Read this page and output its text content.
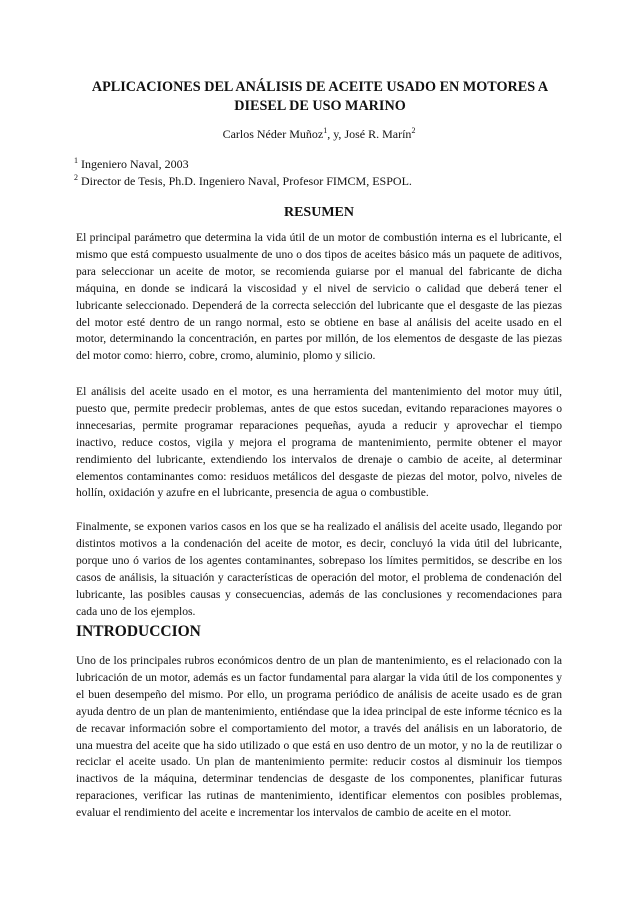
APLICACIONES DEL ANÁLISIS DE ACEITE USADO EN MOTORES A DIESEL DE USO MARINO
Carlos Néder Muñoz$^1$, y, José R. Marín$^2$
$^1$ Ingeniero Naval, 2003
$^2$ Director de Tesis, Ph.D. Ingeniero Naval, Profesor FIMCM, ESPOL.
RESUMEN

El principal parámetro que determina la vida útil de un motor de combustión interna es el lubricante, el mismo que está compuesto usualmente de uno o dos tipos de aceites básico más un paquete de aditivos, para seleccionar un aceite de motor, se recomienda guiarse por el manual del fabricante de dicha máquina, en donde se indicará la viscosidad y el nivel de servicio o calidad que deberá tener el lubricante seleccionado. Dependerá de la correcta selección del lubricante que el desgaste de las piezas del motor esté dentro de un rango normal, esto se obtiene en base al análisis del aceite usado en el motor, determinando la concentración, en partes por millón, de los elementos de desgaste de las piezas del motor como: hierro, cobre, cromo, aluminio, plomo y silicio.

El análisis del aceite usado en el motor, es una herramienta del mantenimiento del motor muy útil, puesto que, permite predecir problemas, antes de que estos sucedan, evitando reparaciones mayores o innecesarias, permite programar reparaciones pequeñas, ayuda a reducir y aprovechar el tiempo inactivo, reduce costos, vigila y mejora el programa de mantenimiento, permite obtener el mayor rendimiento del lubricante, extendiendo los intervalos de drenaje o cambio de aceite, al determinar elementos contaminantes como: residuos metálicos del desgaste de piezas del motor, polvo, niveles de hollín, oxidación y azufre en el lubricante, presencia de agua o combustible.

Finalmente, se exponen varios casos en los que se ha realizado el análisis del aceite usado, llegando por distintos motivos a la condenación del aceite de motor, es decir, concluyó la vida útil del lubricante, porque uno ó varios de los agentes contaminantes, sobrepaso los límites permitidos, se describe en los casos de análisis, la situación y características de operación del motor, el problema de condenación del lubricante, las posibles causas y consecuencias, además de las conclusiones y recomendaciones para cada uno de los ejemplos.

INTRODUCCION

Uno de los principales rubros económicos dentro de un plan de mantenimiento, es el relacionado con la lubricación de un motor, además es un factor fundamental para alargar la vida útil de los componentes y el buen desempeño del mismo. Por ello, un programa periódico de análisis de aceite usado es de gran ayuda dentro de un plan de mantenimiento, entiéndase que la idea principal de este informe técnico es la de recavar información sobre el comportamiento del motor, a través del análisis en un laboratorio, de una muestra del aceite que ha sido utilizado o que está en uso dentro de un motor, y no la de reutilizar o reciclar el aceite usado. Un plan de mantenimiento permite: reducir costos al disminuir los tiempos inactivos de la máquina, determinar tendencias de desgaste de los componentes, planificar futuras reparaciones, verificar las rutinas de mantenimiento, identificar elementos con posibles problemas, evaluar el rendimiento del aceite e incrementar los intervalos de cambio de aceite en el motor.
